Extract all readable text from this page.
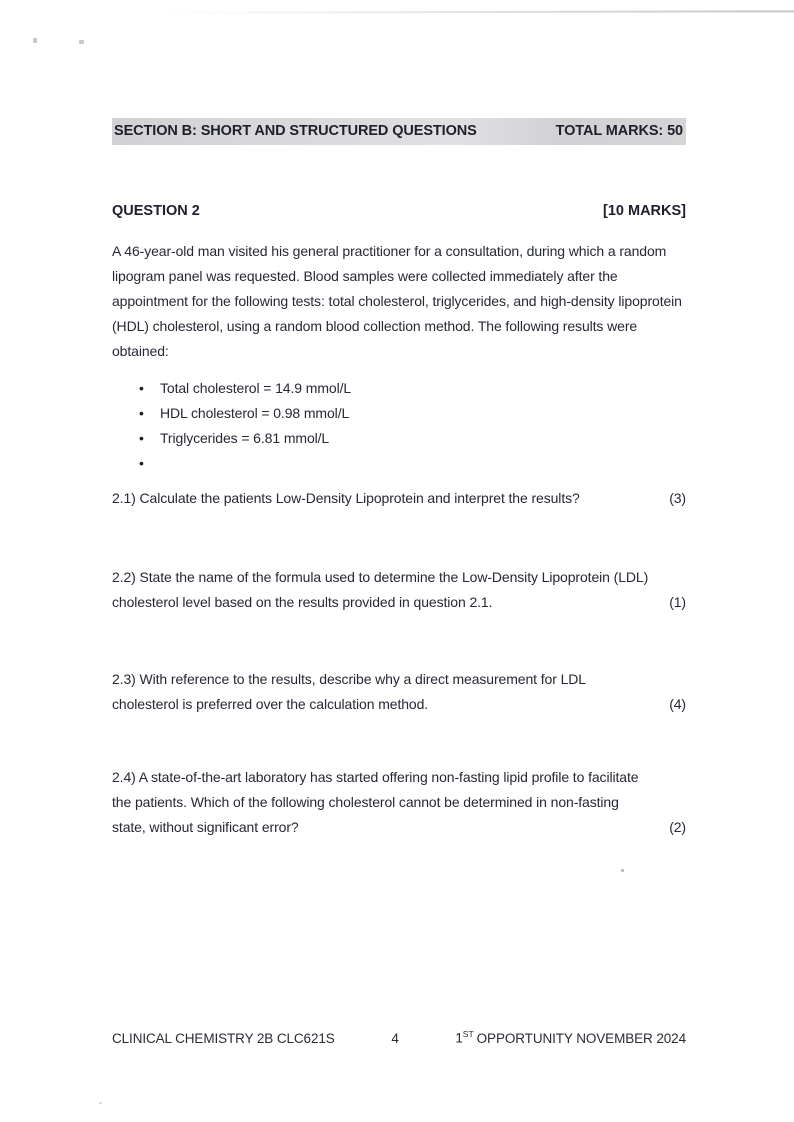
SECTION B: SHORT AND STRUCTURED QUESTIONS	TOTAL MARKS: 50
QUESTION 2	[10 MARKS]
A 46-year-old man visited his general practitioner for a consultation, during which a random lipogram panel was requested. Blood samples were collected immediately after the appointment for the following tests: total cholesterol, triglycerides, and high-density lipoprotein (HDL) cholesterol, using a random blood collection method. The following results were obtained:
• Total cholesterol = 14.9 mmol/L
• HDL cholesterol = 0.98 mmol/L
• Triglycerides = 6.81 mmol/L
•
2.1) Calculate the patients Low-Density Lipoprotein and interpret the results?	(3)
2.2) State the name of the formula used to determine the Low-Density Lipoprotein (LDL) cholesterol level based on the results provided in question 2.1.	(1)
2.3) With reference to the results, describe why a direct measurement for LDL cholesterol is preferred over the calculation method.	(4)
2.4) A state-of-the-art laboratory has started offering non-fasting lipid profile to facilitate the patients. Which of the following cholesterol cannot be determined in non-fasting state, without significant error?	(2)
CLINICAL CHEMISTRY 2B CLC621S	4	1ST OPPORTUNITY NOVEMBER 2024
